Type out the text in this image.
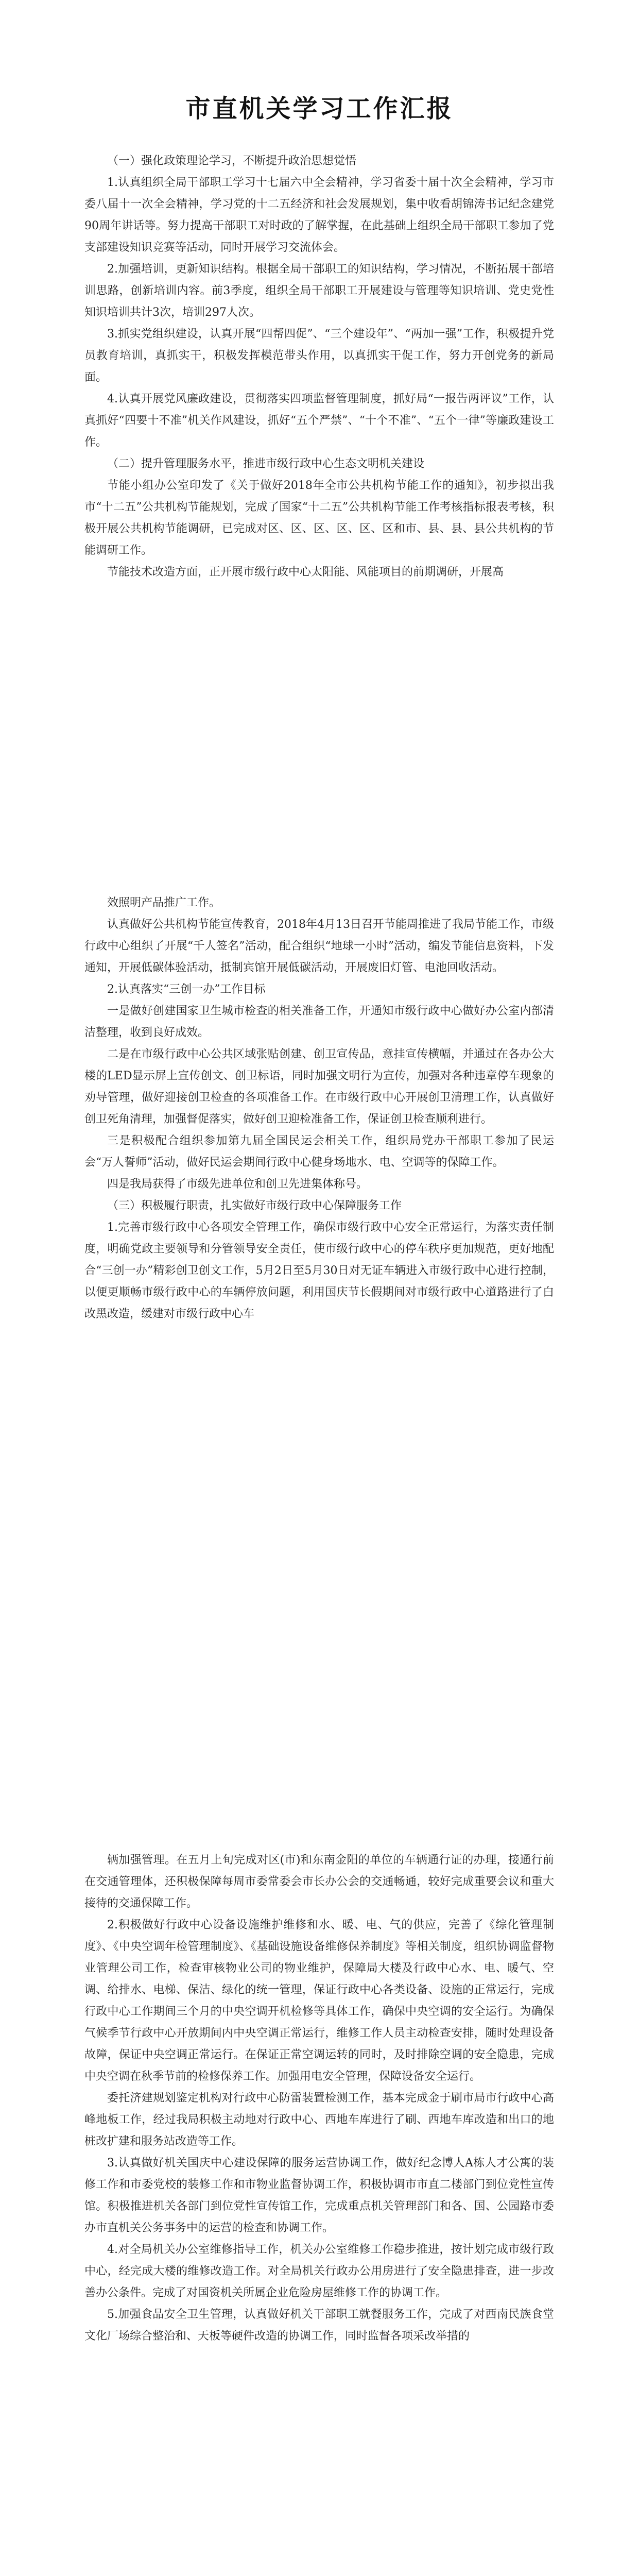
市直机关学习工作汇报

（一）强化政策理论学习，不断提升政治思想觉悟

1.认真组织全局干部职工学习十七届六中全会精神，学习省委十届十次全会精神，学习市委八届十一次全会精神，学习党的十二五经济和社会发展规划，集中收看胡锦涛书记纪念建党90周年讲话等。努力提高干部职工对时政的了解掌握，在此基础上组织全局干部职工参加了党支部建设知识竞赛等活动，同时开展学习交流体会。

2.加强培训，更新知识结构。根据全局干部职工的知识结构，学习情况，不断拓展干部培训思路，创新培训内容。前3季度，组织全局干部职工开展建设与管理等知识培训、党史党性知识培训共计3次，培训297人次。

3.抓实党组织建设，认真开展“四帮四促”、“三个建设年”、“两加一强”工作，积极提升党员教育培训，真抓实干，积极发挥模范带头作用，以真抓实干促工作，努力开创党务的新局面。

4.认真开展党风廉政建设，贯彻落实四项监督管理制度，抓好局“一报告两评议”工作，认真抓好“四要十不准”机关作风建设，抓好“五个严禁”、“十个不准”、“五个一律”等廉政建设工作。

（二）提升管理服务水平，推进市级行政中心生态文明机关建设

节能小组办公室印发了《关于做好2018年全市公共机构节能工作的通知》，初步拟出我市“十二五”公共机构节能规划，完成了国家“十二五”公共机构节能工作考核指标报表考核，积极开展公共机构节能调研，已完成对区、区、区、区、区、区和市、县、县、县公共机构的节能调研工作。

节能技术改造方面，正开展市级行政中心太阳能、风能项目的前期调研，开展高

效照明产品推广工作。

认真做好公共机构节能宣传教育，2018年4月13日召开节能周推进了我局节能工作，市级行政中心组织了开展“千人签名”活动，配合组织“地球一小时”活动，编发节能信息资料，下发通知，开展低碳体验活动，抵制宾馆开展低碳活动，开展废旧灯管、电池回收活动。

2.认真落实“三创一办”工作目标

一是做好创建国家卫生城市检查的相关准备工作，开通知市级行政中心做好办公室内部清洁整理，收到良好成效。

二是在市级行政中心公共区域张贴创建、创卫宣传品，意挂宣传横幅，并通过在各办公大楼的LED显示屏上宣传创文、创卫标语，同时加强文明行为宣传，加强对各种违章停车现象的劝导管理，做好迎接创卫检查的各项准备工作。在市级行政中心开展创卫清理工作，认真做好创卫死角清理，加强督促落实，做好创卫迎检准备工作，保证创卫检查顺利进行。

三是积极配合组织参加第九届全国民运会相关工作，组织局党办干部职工参加了民运会“万人誓师”活动，做好民运会期间行政中心健身场地水、电、空调等的保障工作。

四是我局获得了市级先进单位和创卫先进集体称号。

（三）积极履行职责，扎实做好市级行政中心保障服务工作

1.完善市级行政中心各项安全管理工作，确保市级行政中心安全正常运行，为落实责任制度，明确党政主要领导和分管领导安全责任，使市级行政中心的停车秩序更加规范，更好地配合“三创一办”精彩创卫创文工作，5月2日至5月30日对无证车辆进入市级行政中心进行控制，以便更顺畅市级行政中心的车辆停放问题，利用国庆节长假期间对市级行政中心道路进行了白改黑改造，缓建对市级行政中心车

辆加强管理。在五月上旬完成对区(市)和东南金阳的单位的车辆通行证的办理，接通行前在交通管理体，还积极保障每周市委常委会市长办公会的交通畅通，较好完成重要会议和重大接待的交通保障工作。

2.积极做好行政中心设备设施维护维修和水、暖、电、气的供应，完善了《综化管理制度》、《中央空调年检管理制度》、《基础设施设备维修保养制度》等相关制度，组织协调监督物业管理公司工作，检查审核物业公司的物业维护，保障局大楼及行政中心水、电、暖气、空调、给排水、电梯、保洁、绿化的统一管理，保证行政中心各类设备、设施的正常运行，完成行政中心工作期间三个月的中央空调开机检修等具体工作，确保中央空调的安全运行。为确保气候季节行政中心开放期间内中央空调正常运行，维修工作人员主动检查安排，随时处理设备故障，保证中央空调正常运行。在保证正常空调运转的同时，及时排除空调的安全隐患，完成中央空调在秋季节前的检修保养工作。加强用电安全管理，保障设备安全运行。

委托济建规划鉴定机构对行政中心防雷装置检测工作，基本完成金于刷市局市行政中心高峰地板工作，经过我局积极主动地对行政中心、西地车库进行了刷、西地车库改造和出口的地桩改扩建和服务站改造等工作。

3.认真做好机关国庆中心建设保障的服务运营协调工作，做好纪念博人A栋人才公寓的装修工作和市委党校的装修工作和市物业监督协调工作，积极协调市市直二楼部门到位党性宣传馆。积极推进机关各部门到位党性宣传馆工作，完成重点机关管理部门和各、国、公园路市委办市直机关公务事务中的运营的检查和协调工作。

4.对全局机关办公室维修指导工作，机关办公室维修工作稳步推进，按计划完成市级行政中心，经完成大楼的维修改造工作。对全局机关行政办公用房进行了安全隐患排查，进一步改善办公条件。完成了对国资机关所属企业危险房屋维修工作的协调工作。

5.加强食品安全卫生管理，认真做好机关干部职工就餐服务工作，完成了对西南民族食堂文化厂场综合整治和、天板等硬件改造的协调工作，同时监督各项采改举措的
